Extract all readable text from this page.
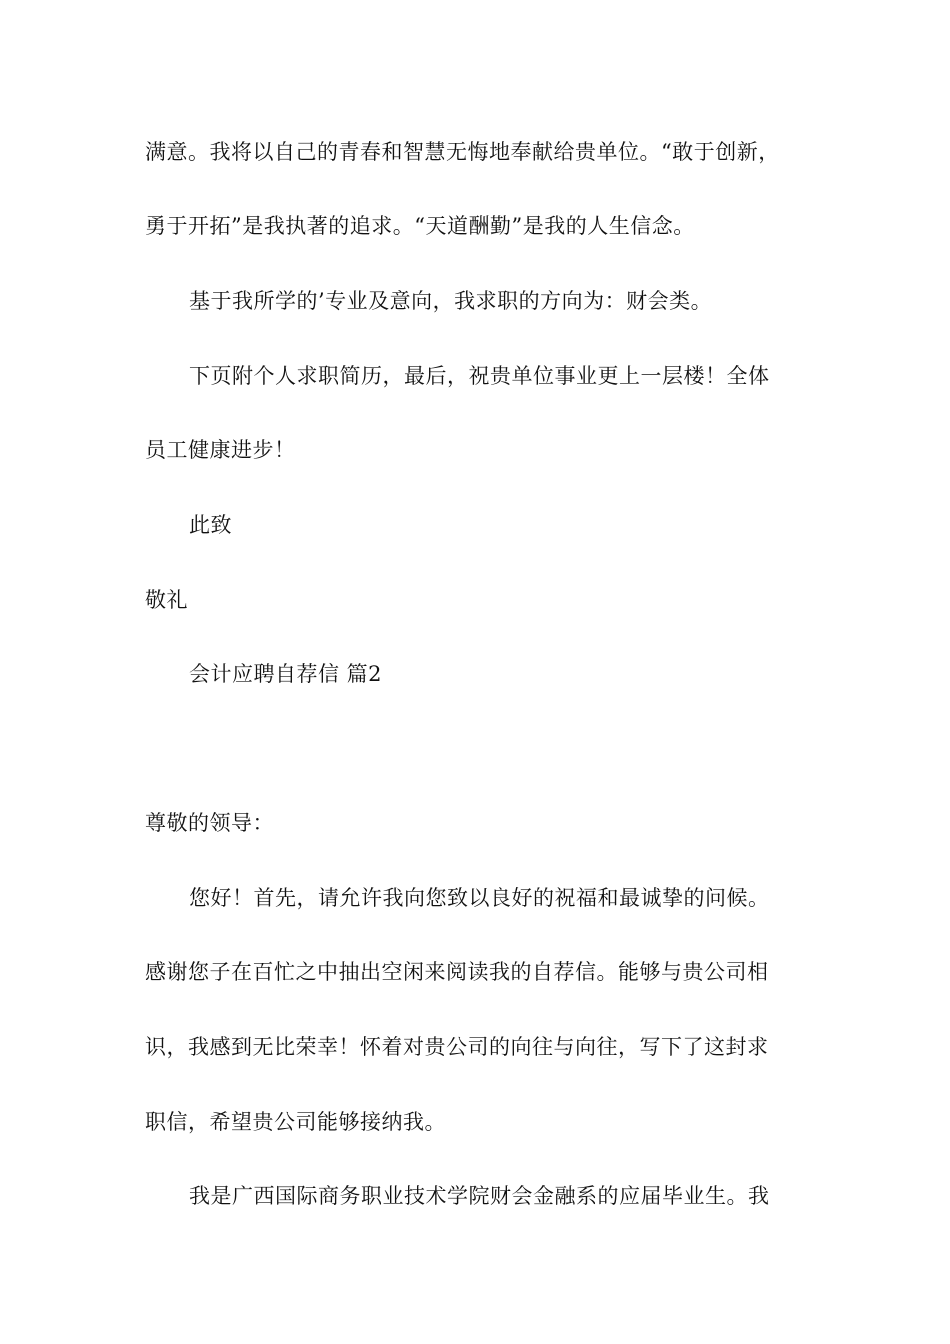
满意。我将以自己的青春和智慧无悔地奉献给贵单位。“敢于创新，
勇于开拓”是我执著的追求。“天道酬勤”是我的人生信念。
基于我所学的’专业及意向，我求职的方向为：财会类。
下页附个人求职简历，最后，祝贵单位事业更上一层楼！全体
员工健康进步！
此致
敬礼
会计应聘自荐信 篇2
尊敬的领导：
您好！首先，请允许我向您致以良好的祝福和最诚挚的问候。
感谢您子在百忙之中抽出空闲来阅读我的自荐信。能够与贵公司相
识，我感到无比荣幸！怀着对贵公司的向往与向往，写下了这封求
职信，希望贵公司能够接纳我。
我是广西国际商务职业技术学院财会金融系的应届毕业生。我
